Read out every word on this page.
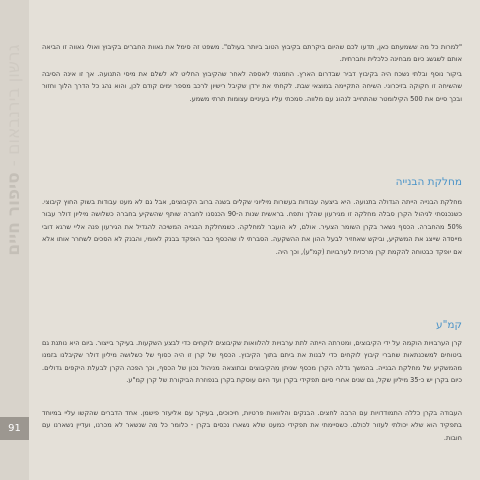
גרשון בירנבאום - סיפור חיים
91

"למרות כל מה ששמעתם כאן, תדעו לכם שהיום ביקרתם בקיבוץ הטוב ביותר בעולם". משפט זה סימל את גאוות החברים בקיבוץ ואולי גאווה זו הביאה אותם לשגשג כיום מבחינה כלכלית וחברתית.

ביקור נוסף ובלתי נשכח היה בקיבוץ דביר שבדרום הארץ. הוזמנתי לאספה לאחר שהקיבוץ החליט לא לשלם את מיסי התנועה. אך זו אינה הסיבה שהשיחה זו חקוקה בזיכרוני. השיחה התקיימה במוצאי שבת. לקחתי את ירדן שקיבל רישיון לרכב מספר ימים קודם לכן, והוא נהג כל הדרך הלוך וחזור ובכך סיים את 500 הקילומטר שהתחייב לנהוג עם מלווה. סמכתי עליו בעיניים עצומות תרתי משמע.

מחלקת הבנייה

מחלקת הבנייה הייתה הגדולה בתנועה. היא ביצעה עבודות בעשרות מיליוני שקלים בשנה ברוב הקיבוצים, אבל גם לא מעט עבודות בשוק החוץ קיבוצי. כשנכנסתי לניהול הקרן סבלה מחלקה זו מגירעון שהלך ותפח. בראשית שנות ה-90 הכנסנו לחברה שותף שהשקיע בחברה כשלושה מיליון דולר עבור 50% מהחברה. הכסף נשאר בקרן השומר הצעיר. אולם, לא הועבר למחלקה. כשמחלקת הבנייה המשיכה להגדיל את הגירעון פנה אליי שרגא דובי מייסדה שייצג את המשקיע, וביקש שאחזיר לבעל ההון את ההשקעה. הסברתי לו שהכסף כבר הופקד בבנק לאומי, והבנק לא הסכים לשחרר אותו אלא אם יופקד כבטוחה להקמת קרן מרכזית לערבויות (קמ"ע), וכך היה.

קמ"ע

קרן הערבויות הוקמה על ידי הקיבוצים, ומטרתה הייתה לתת ערבויות להלוואות שקיבוצים לוקחים כדי לבצע השקעות. בעיקר בייצור. ביום היא נותנת גם ביטוחים למשכנתאות שחברי קיבוץ לוקחים כדי לבנות את ביתם בתוך הקיבוץ. הכסף של קרן זו היה כסוף של כשלושה מיליון דולר שקיבלנו בזמנו מהמשקיע של מחלקת הבנייה. בהמשך גדלה הקרן מכסף שניתן מהקיבוצים ובתוצאה מניהול נכון של הכסף, וכך הפכה הקרן לבעלת היקפים גדולים. כיום בקרן יש כ-35 מיליון שקל, גם שנים אחרי סיום תפקידי בקרן ועד היום עוסקת בקרן בנפוזרת הביקורת של קרן קמ"ע.

העבודה בקרן כללה התמודדויות עם הרבה לחצים. הבנקים והלוואות פרטיות, חיכוכים, בעיקר עם אליעזר פישמן. אחד הדברים שהקשו עליי במיוחד בתפקיד הוא שלא יכולתי לעזור לכולם. כשסיימתי את תפקידי כמעט שלא נשארו נכסים בקרן - כלומר כל מה שנשאר לא מכרנו, ועדיין נשארנו עם חובות.
